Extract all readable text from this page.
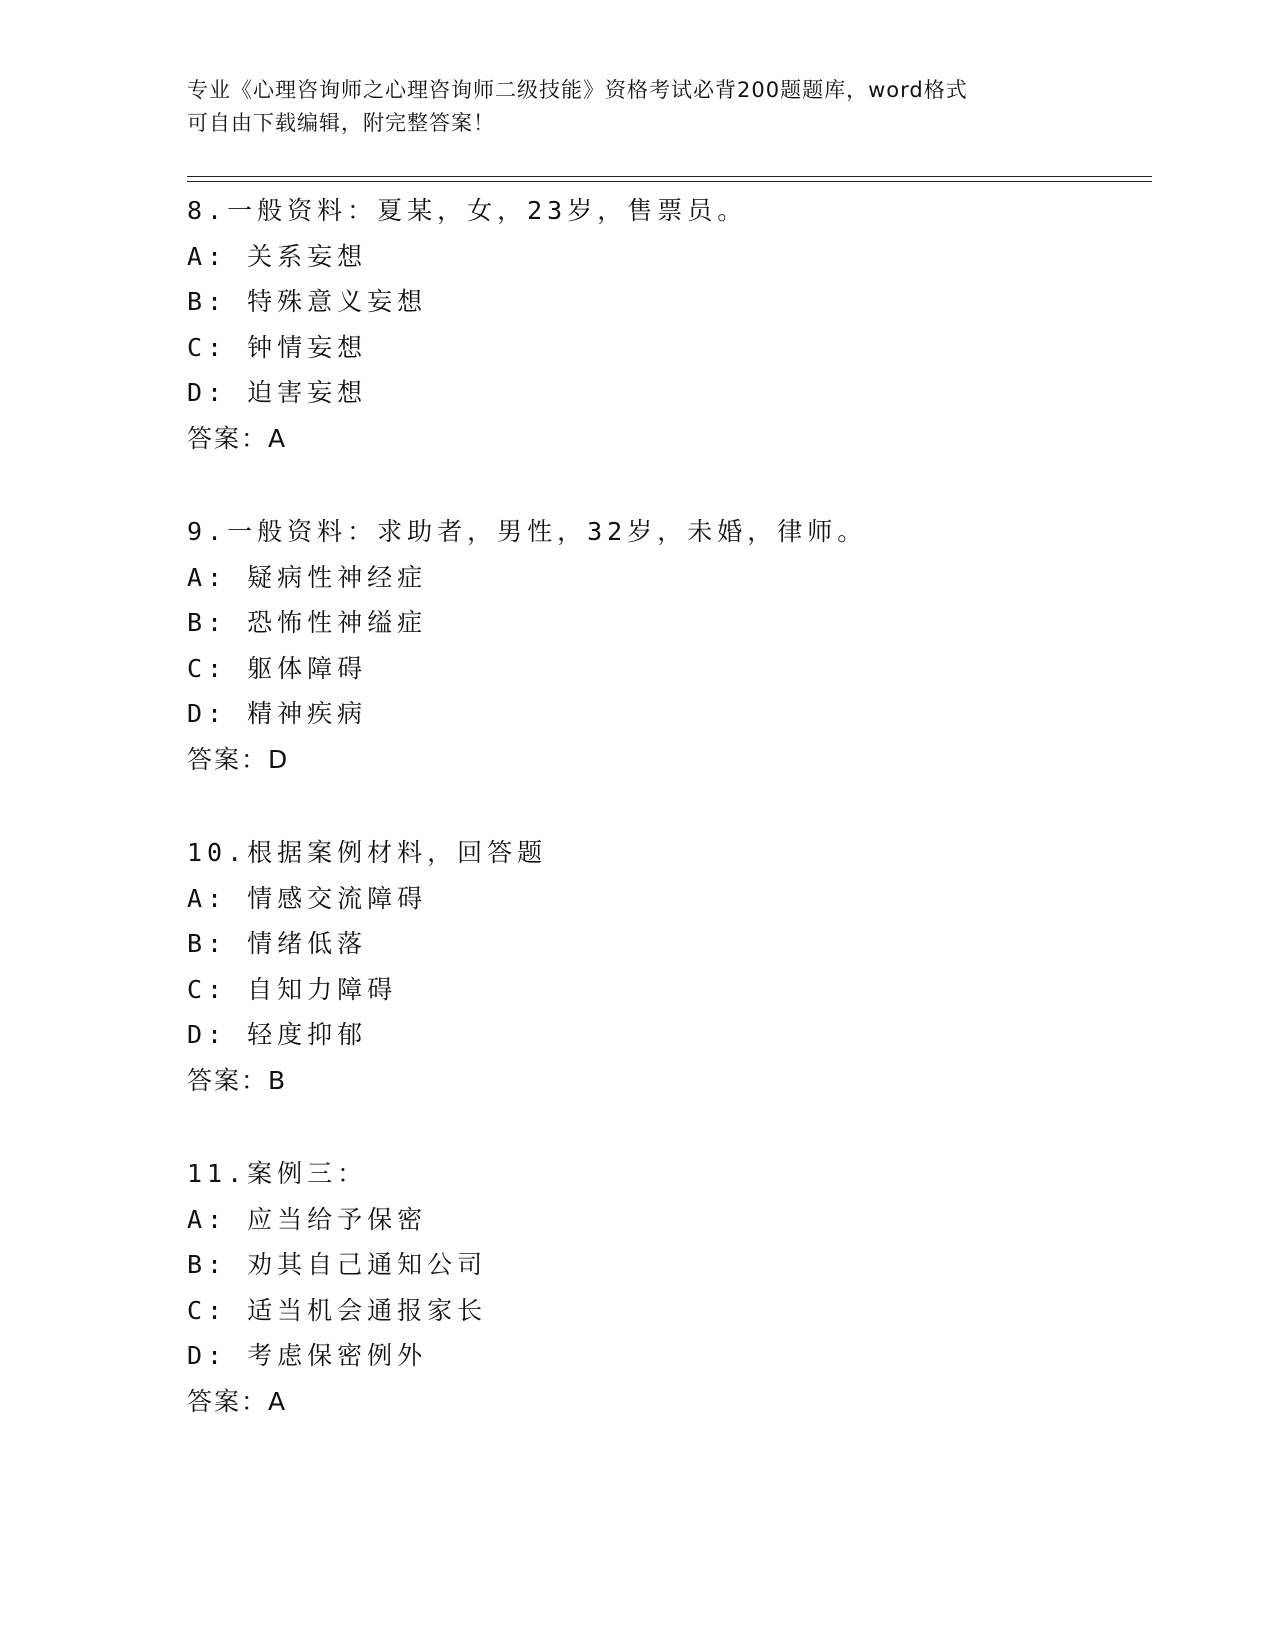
专业《心理咨询师之心理咨询师二级技能》资格考试必背200题题库，word格式
可自由下载编辑，附完整答案！
8.一般资料：夏某，女，23岁，售票员。
A: 关系妄想
B: 特殊意义妄想
C: 钟情妄想
D: 迫害妄想
答案：A
9.一般资料：求助者，男性，32岁，未婚，律师。
A: 疑病性神经症
B: 恐怖性神缢症
C: 躯体障碍
D: 精神疾病
答案：D
10.根据案例材料，回答题
A: 情感交流障碍
B: 情绪低落
C: 自知力障碍
D: 轻度抑郁
答案：B
11.案例三：
A: 应当给予保密
B: 劝其自己通知公司
C: 适当机会通报家长
D: 考虑保密例外
答案：A
